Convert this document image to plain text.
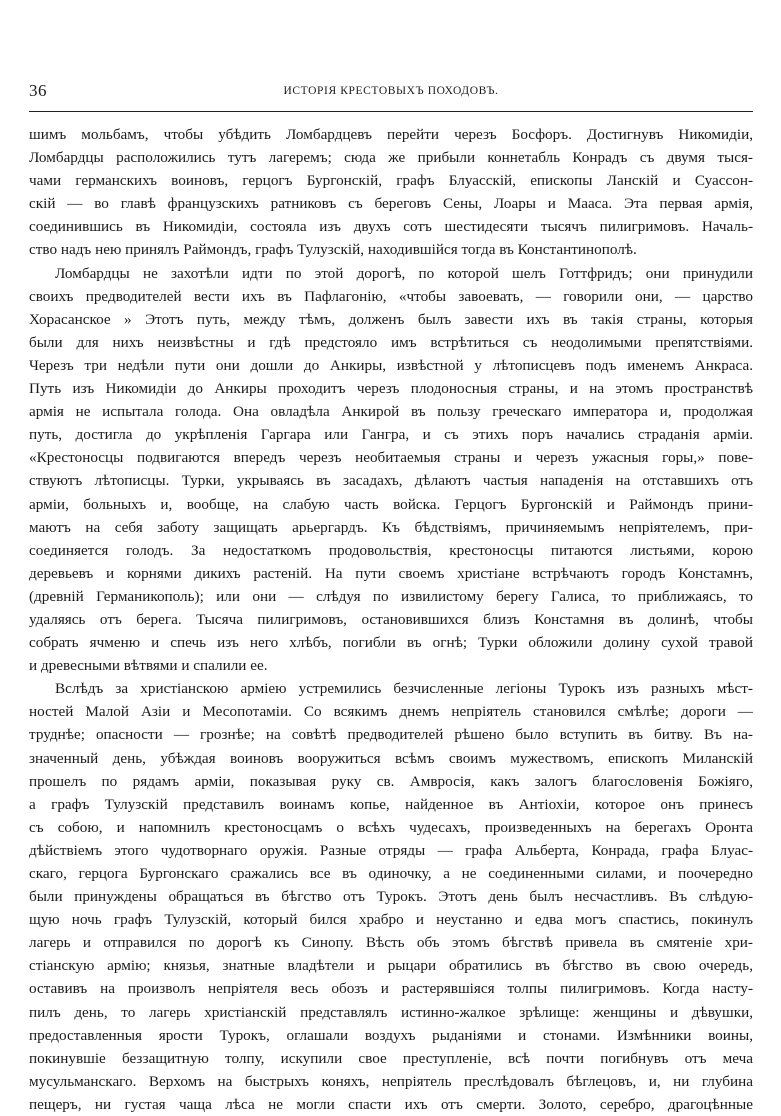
36	ИСТОРІЯ КРЕСТОВЫХЪ ПОХОДОВЪ.
шимъ мольбамъ, чтобы убѣдить Ломбардцевъ перейти черезъ Босфоръ. Достигнувъ Никомидіи,
Ломбардцы расположились тутъ лагеремъ; сюда же прибыли коннетабль Конрадъ съ двумя тыся-
чами германскихъ воиновъ, герцогъ Бургонскій, графъ Блуасскій, епископы Ланскій и Суассон-
скій — во главѣ французскихъ ратниковъ съ береговъ Сены, Лоары и Мааса. Эта первая армія,
соединившись въ Никомидіи, состояла изъ двухъ сотъ шестидесяти тысячъ пилигримовъ. Началь-
ство надъ нею принялъ Раймондъ, графъ Тулузскій, находившійся тогда въ Константинополѣ.
Ломбардцы не захотѣли идти по этой дорогѣ, по которой шелъ Готтфридъ; они принудили
своихъ предводителей вести ихъ въ Пафлагонію, «чтобы завоевать, — говорили они, — царство
Хорасанское » Этотъ путь, между тѣмъ, долженъ былъ завести ихъ въ такія страны, которыя
были для нихъ неизвѣстны и гдѣ предстояло имъ встрѣтиться съ неодолимыми препятствіями.
Черезъ три недѣли пути они дошли до Анкиры, извѣстной у лѣтописцевъ подъ именемъ Анкраса.
Путь изъ Никомидіи до Анкиры проходитъ черезъ плодоносныя страны, и на этомъ пространствѣ
армія не испытала голода. Она овладѣла Анкирой въ пользу греческаго императора и, продолжая
путь, достигла до укрѣпленія Гаргара или Гангра, и съ этихъ поръ начались страданія арміи.
«Крестоносцы подвигаются впередъ черезъ необитаемыя страны и черезъ ужасныя горы,» пове-
ствуютъ лѣтописцы. Турки, укрываясь въ засадахъ, дѣлаютъ частыя нападенія на отставшихъ отъ
арміи, больныхъ и, вообще, на слабую часть войска. Герцогъ Бургонскій и Раймондъ прини-
маютъ на себя заботу защищать арьергардъ. Къ бѣдствіямъ, причиняемымъ непріятелемъ, при-
соединяется голодъ. За недостаткомъ продовольствія, крестоносцы питаются листьями, корою
деревьевъ и корнями дикихъ растеній. На пути своемъ христіане встрѣчаютъ городъ Констамнъ,
(древній Германикополь); или они — слѣдуя по извилистому берегу Галиса, то приближаясь, то
удаляясь отъ берега. Тысяча пилигримовъ, остановившихся близъ Констамня въ долинѣ, чтобы
собрать ячменю и спечь изъ него хлѣбъ, погибли въ огнѣ; Турки обложили долину сухой травой
и древесными вѣтвями и спалили ее.
Вслѣдъ за христіанскою арміею устремились безчисленные легіоны Турокъ изъ разныхъ мѣст-
ностей Малой Азіи и Месопотаміи. Со всякимъ днемъ непріятель становился смѣлѣе; дороги —
труднѣе; опасности — грознѣе; на совѣтѣ предводителей рѣшено было вступить въ битву. Въ на-
значенный день, убѣждая воиновъ вооружиться всѣмъ своимъ мужествомъ, епископъ Миланскій
прошелъ по рядамъ арміи, показывая руку св. Амвросія, какъ залогъ благословенія Божіяго,
а графъ Тулузскій представилъ воинамъ копье, найденное въ Антіохіи, которое онъ принесъ
съ собою, и напомнилъ крестоносцамъ о всѣхъ чудесахъ, произведенныхъ на берегахъ Оронта
дѣйствіемъ этого чудотворнаго оружія. Разные отряды — графа Альберта, Конрада, графа Блуас-
скаго, герцога Бургонскаго сражались все въ одиночку, а не соединенными силами, и поочередно
были принуждены обращаться въ бѣгство отъ Турокъ. Этотъ день былъ несчастливъ. Въ слѣдую-
щую ночь графъ Тулузскій, который бился храбро и неустанно и едва могъ спастись, покинулъ
лагерь и отправился по дорогѣ къ Синопу. Вѣсть объ этомъ бѣгствѣ привела въ смятеніе хри-
стіанскую армію; князья, знатные владѣтели и рыцари обратились въ бѣгство въ свою очередь,
оставивъ на произволъ непріятеля весь обозъ и растерявшіяся толпы пилигримовъ. Когда насту-
пилъ день, то лагерь христіанскій представлялъ истинно-жалкое зрѣлище: женщины и дѣвушки,
предоставленныя ярости Турокъ, оглашали воздухъ рыданіями и стонами. Измѣнники воины,
покинувшіе беззащитную толпу, искупили свое преступленіе, всѣ почти погибнувъ отъ меча
мусульманскаго. Верхомъ на быстрыхъ коняхъ, непріятель преслѣдовалъ бѣглецовъ, и, ни глубина
пещеръ, ни густая чаща лѣса не могли спасти ихъ отъ смерти. Золото, серебро, драгоцѣнные
